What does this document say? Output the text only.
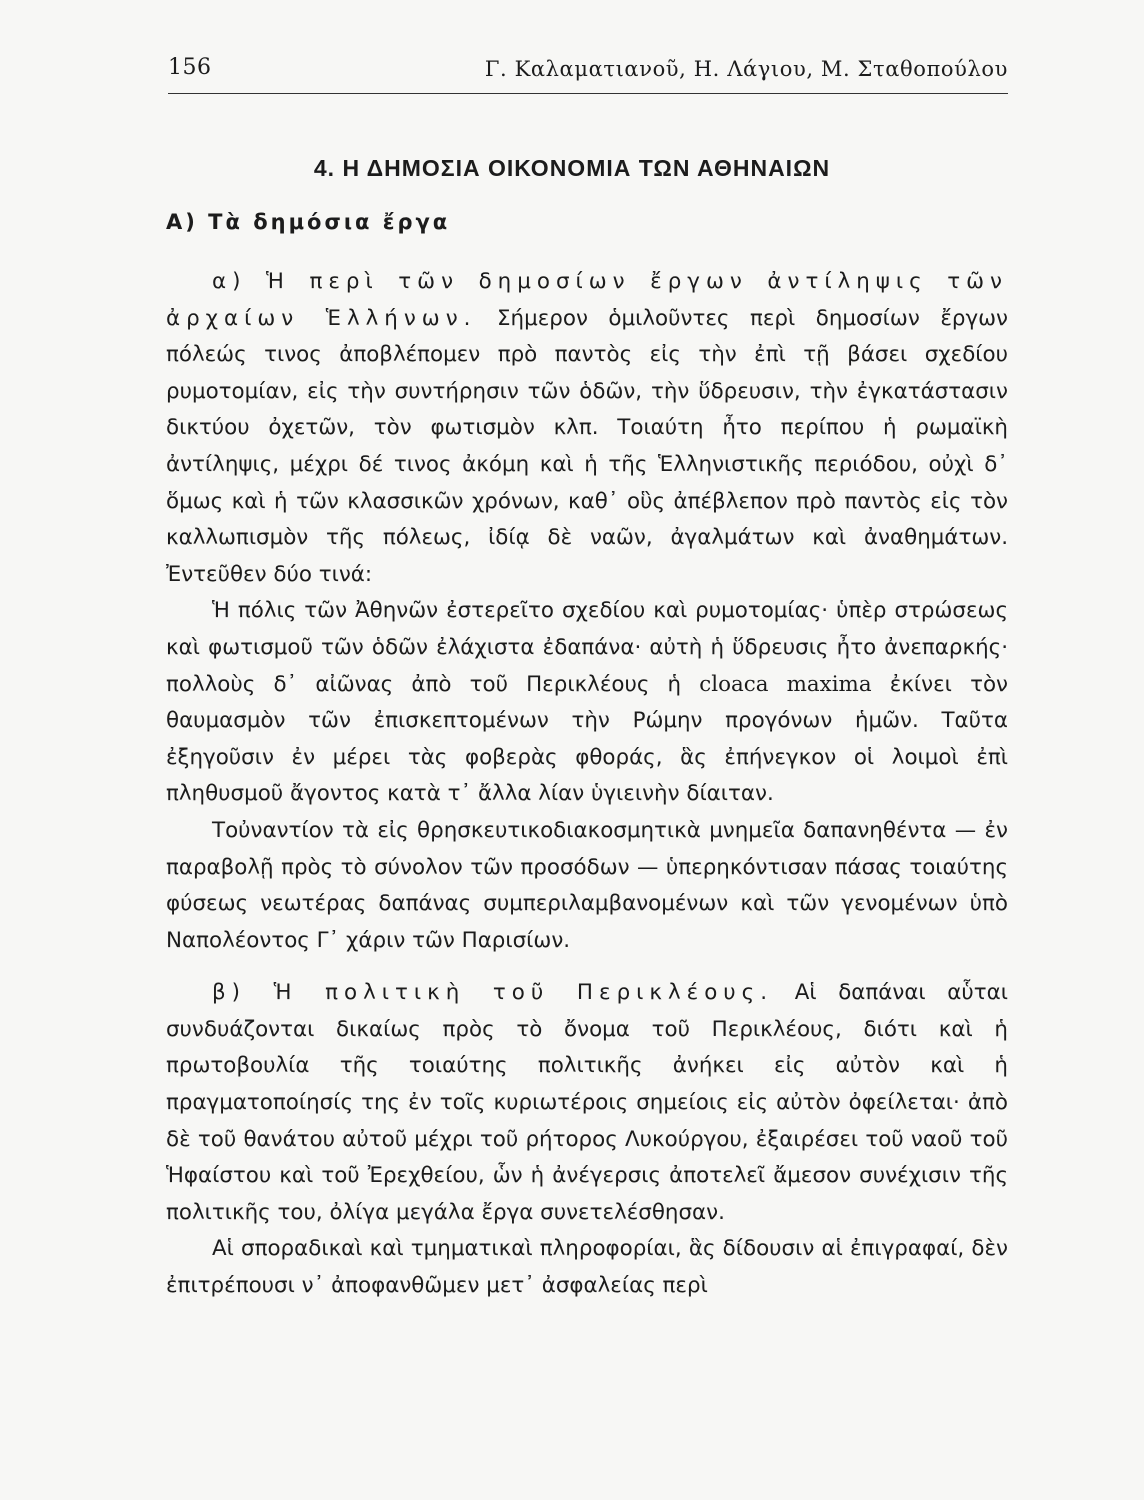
156	Γ. Καλαματιανοῦ, Η. Λάγιου, Μ. Σταθοπούλου
4. Η ΔΗΜΟΣΙΑ ΟΙΚΟΝΟΜΙΑ ΤΩΝ ΑΘΗΝΑΙΩΝ
Α) Τὰ δημόσια ἔργα

α) Ἡ περὶ τῶν δημοσίων ἔργων ἀντίληψις τῶν ἀρχαίων Ἑλλήνων. Σήμερον ὁμιλοῦντες περὶ δημοσίων ἔργων πόλεώς τινος ἀποβλέπομεν πρὸ παντὸς εἰς τὴν ἐπὶ τῇ βάσει σχεδίου ρυμοτομίαν, εἰς τὴν συντήρησιν τῶν ὁδῶν, τὴν ὕδρευσιν, τὴν ἐγκατάστασιν δικτύου ὀχετῶν, τὸν φωτισμὸν κλπ. Τοιαύτη ἦτο περίπου ἡ ρωμαϊκὴ ἀντίληψις, μέχρι δέ τινος ἀκόμη καὶ ἡ τῆς Ἑλληνιστικῆς περιόδου, οὐχὶ δ᾽ ὅμως καὶ ἡ τῶν κλασσικῶν χρόνων, καθ᾽ οὓς ἀπέβλεπον πρὸ παντὸς εἰς τὸν καλλωπισμὸν τῆς πόλεως, ἰδίᾳ δὲ ναῶν, ἀγαλμάτων καὶ ἀναθημάτων. Ἐντεῦθεν δύο τινά:

Ἡ πόλις τῶν Ἀθηνῶν ἐστερεῖτο σχεδίου καὶ ρυμοτομίας· ὑπὲρ στρώσεως καὶ φωτισμοῦ τῶν ὁδῶν ἐλάχιστα ἐδαπάνα· αὐτὴ ἡ ὕδρευσις ἦτο ἀνεπαρκής· πολλοὺς δ᾽ αἰῶνας ἀπὸ τοῦ Περικλέους ἡ cloaca maxima ἐκίνει τὸν θαυμασμὸν τῶν ἐπισκεπτομένων τὴν Ρώμην προγόνων ἡμῶν. Ταῦτα ἐξηγοῦσιν ἐν μέρει τὰς φοβερὰς φθοράς, ἃς ἐπήνεγκον οἱ λοιμοὶ ἐπὶ πληθυσμοῦ ἄγοντος κατὰ τ᾽ ἄλλα λίαν ὑγιεινὴν δίαιταν.

Τοὐναντίον τὰ εἰς θρησκευτικοδιακοσμητικὰ μνημεῖα δαπανηθέντα — ἐν παραβολῇ πρὸς τὸ σύνολον τῶν προσόδων — ὑπερηκόντισαν πάσας τοιαύτης φύσεως νεωτέρας δαπάνας συμπεριλαμβανομένων καὶ τῶν γενομένων ὑπὸ Ναπολέοντος Γ᾽ χάριν τῶν Παρισίων.

β) Ἡ πολιτικὴ τοῦ Περικλέους. Αἱ δαπάναι αὗται συνδυάζονται δικαίως πρὸς τὸ ὄνομα τοῦ Περικλέους, διότι καὶ ἡ πρωτοβουλία τῆς τοιαύτης πολιτικῆς ἀνήκει εἰς αὐτὸν καὶ ἡ πραγματοποίησίς της ἐν τοῖς κυριωτέροις σημείοις εἰς αὐτὸν ὀφείλεται· ἀπὸ δὲ τοῦ θανάτου αὐτοῦ μέχρι τοῦ ρήτορος Λυκούργου, ἐξαιρέσει τοῦ ναοῦ τοῦ Ἡφαίστου καὶ τοῦ Ἐρεχθείου, ὧν ἡ ἀνέγερσις ἀποτελεῖ ἄμεσον συνέχισιν τῆς πολιτικῆς του, ὀλίγα μεγάλα ἔργα συνετελέσθησαν.

Αἱ σποραδικαὶ καὶ τμηματικαὶ πληροφορίαι, ἃς δίδουσιν αἱ ἐπιγραφαί, δὲν ἐπιτρέπουσι ν᾽ ἀποφανθῶμεν μετ᾽ ἀσφαλείας περὶ
